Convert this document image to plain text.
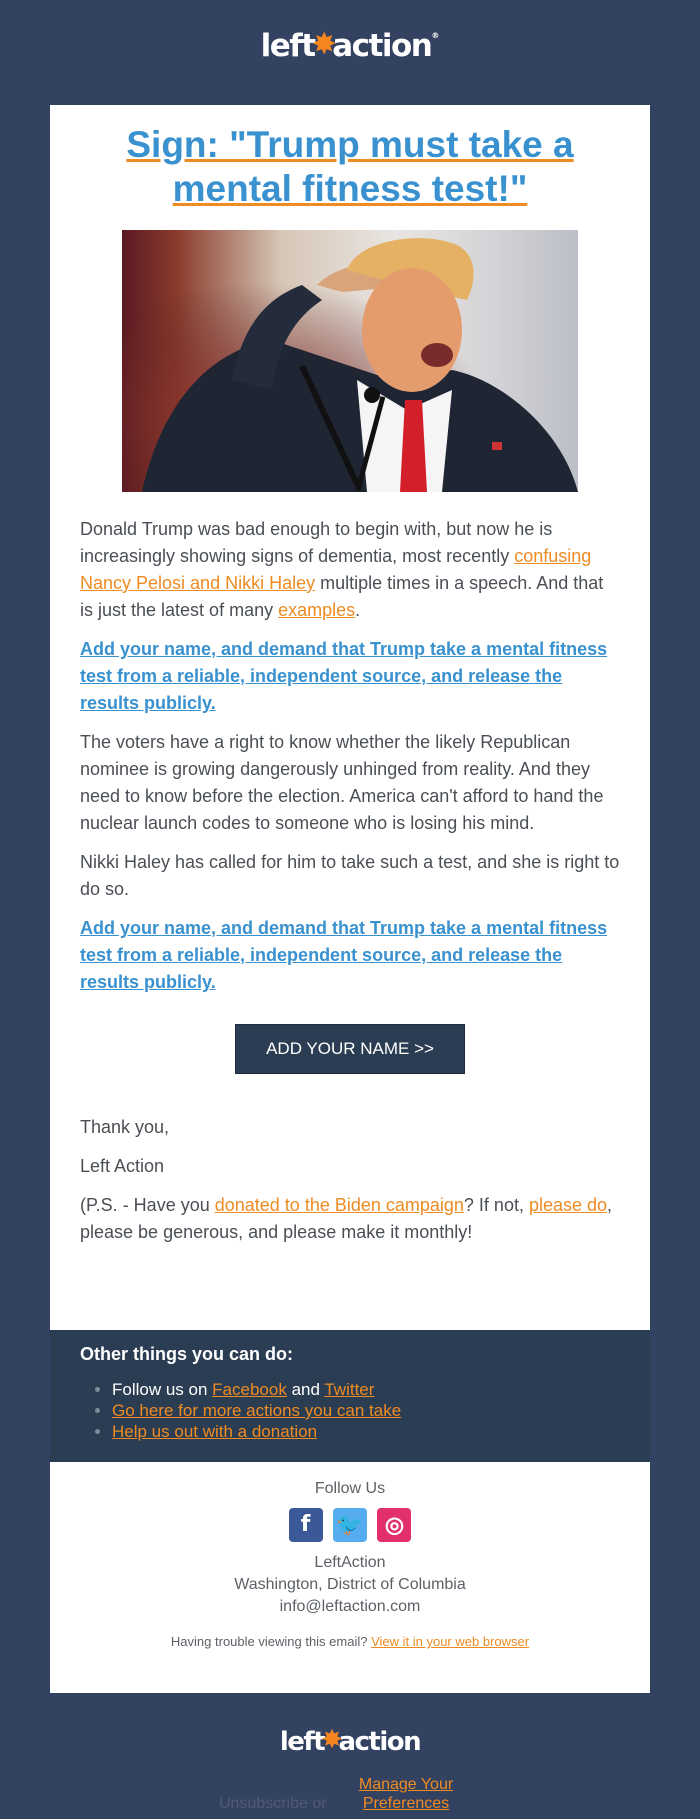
left✸action®
Sign: "Trump must take a mental fitness test!"

Donald Trump was bad enough to begin with, but now he is increasingly showing signs of dementia, most recently confusing Nancy Pelosi and Nikki Haley multiple times in a speech. And that is just the latest of many examples.

Add your name, and demand that Trump take a mental fitness test from a reliable, independent source, and release the results publicly.

The voters have a right to know whether the likely Republican nominee is growing dangerously unhinged from reality. And they need to know before the election. America can't afford to hand the nuclear launch codes to someone who is losing his mind.

Nikki Haley has called for him to take such a test, and she is right to do so.

Add your name, and demand that Trump take a mental fitness test from a reliable, independent source, and release the results publicly.

ADD YOUR NAME >>

Thank you,

Left Action

(P.S. - Have you donated to the Biden campaign? If not, please do, please be generous, and please make it monthly!

Other things you can do:
• Follow us on Facebook and Twitter
• Go here for more actions you can take
• Help us out with a donation
Follow Us
f 🐦 ◎

LeftAction

Washington, District of Columbia

info@leftaction.com

Having trouble viewing this email? View it in your web browser
left✸action
Unsubscribe or Manage Your Preferences
